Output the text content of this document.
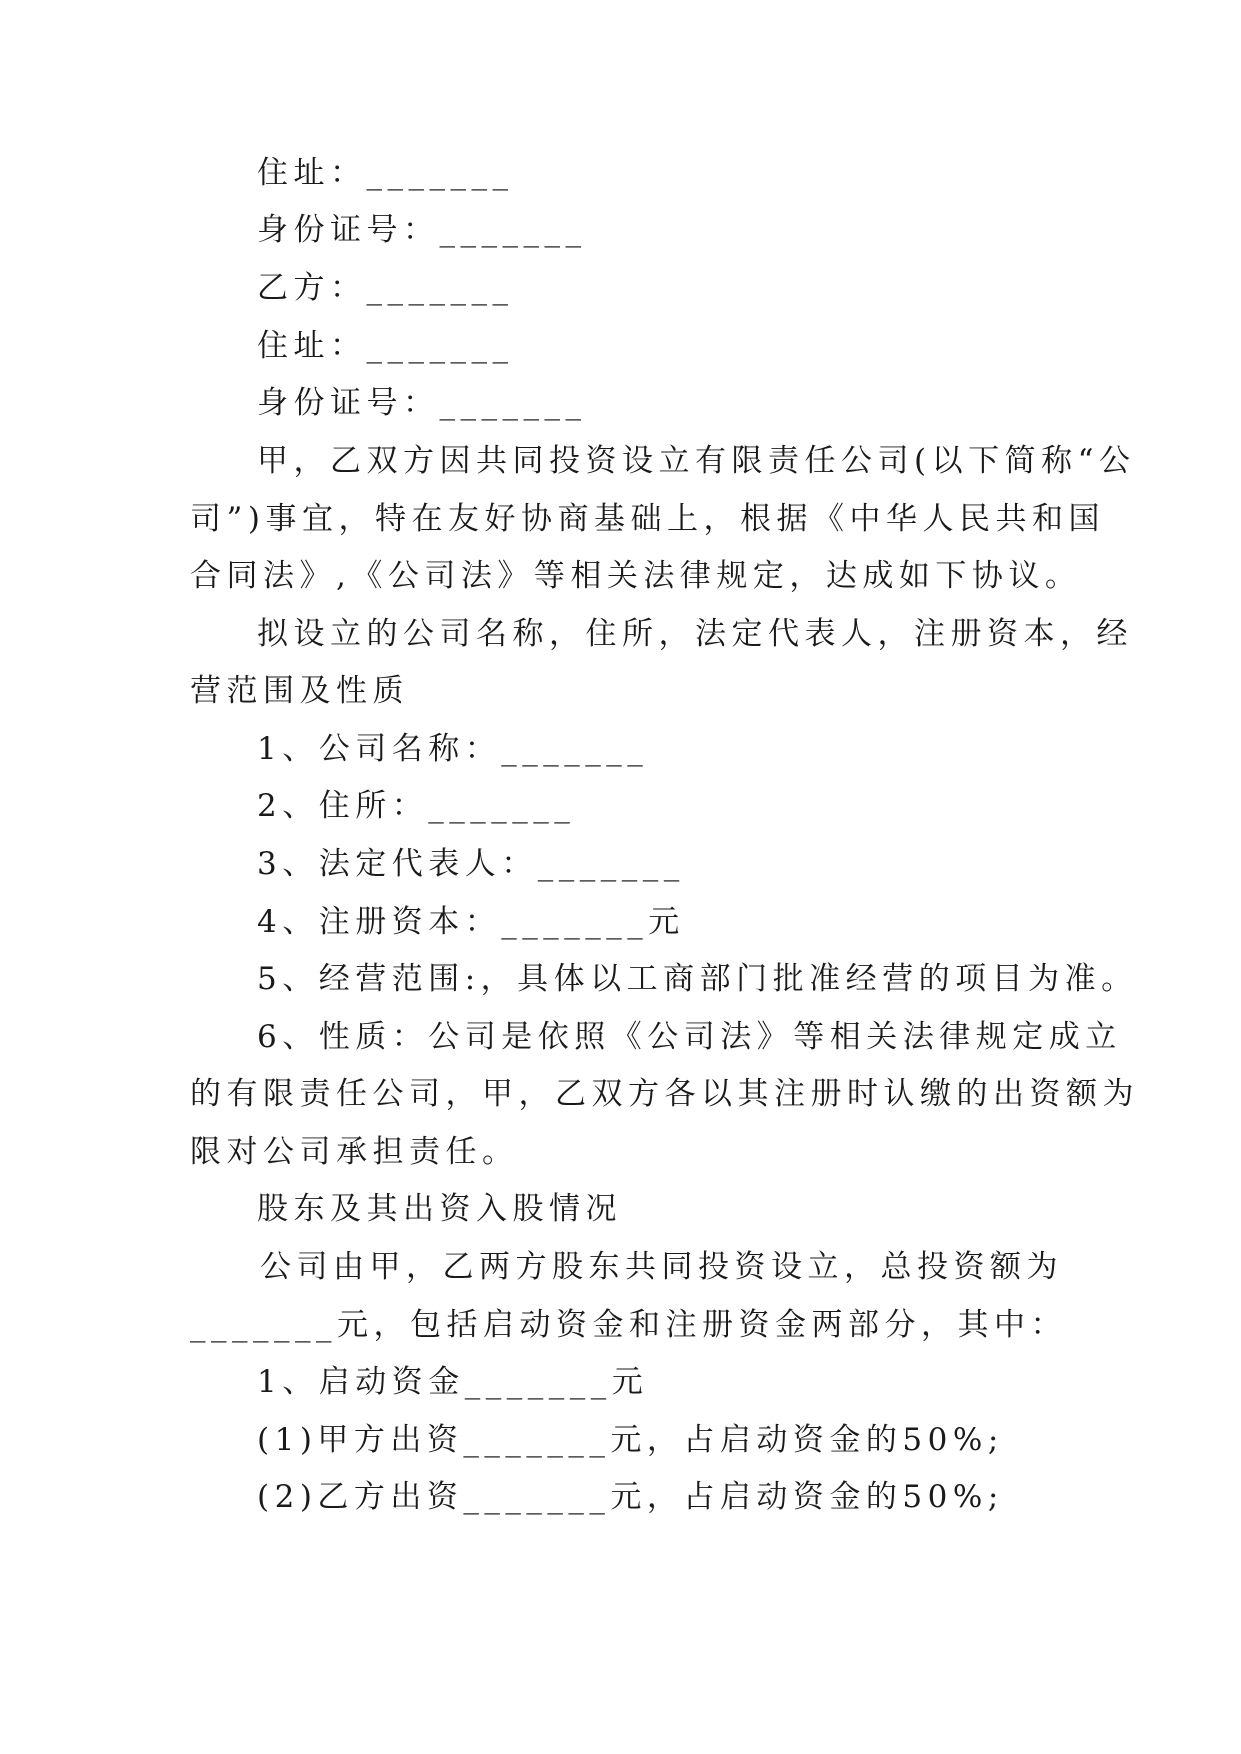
住址：_______
身份证号：_______
乙方：_______
住址：_______
身份证号：_______
甲，乙双方因共同投资设立有限责任公司(以下简称“公
司”)事宜，特在友好协商基础上，根据《中华人民共和国
合同法》,《公司法》等相关法律规定，达成如下协议。
拟设立的公司名称，住所，法定代表人，注册资本，经
营范围及性质
1、公司名称：_______
2、住所：_______
3、法定代表人：_______
4、注册资本：_______元
5、经营范围:，具体以工商部门批准经营的项目为准。
6、性质：公司是依照《公司法》等相关法律规定成立
的有限责任公司，甲，乙双方各以其注册时认缴的出资额为
限对公司承担责任。
股东及其出资入股情况
公司由甲，乙两方股东共同投资设立，总投资额为
_______元，包括启动资金和注册资金两部分，其中：
1、启动资金_______元
(1)甲方出资_______元，占启动资金的50%;
(2)乙方出资_______元，占启动资金的50%;
